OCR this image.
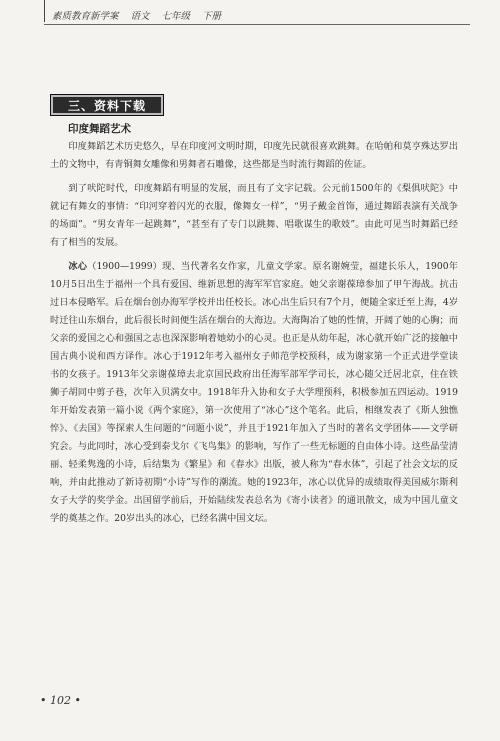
素质教育新学案 语文 七年级 下册
三、资料下载
印度舞蹈艺术

印度舞蹈艺术历史悠久，早在印度河文明时期，印度先民就很喜欢跳舞。在哈帕和莫亨殊达罗出土的文物中，有青铜舞女雕像和男舞者石雕像，这些都是当时流行舞蹈的佐证。

到了吠陀时代，印度舞蹈有明显的发展，而且有了文字记载。公元前1500年的《梨俱吠陀》中就记有舞女的事情：“印河穿着闪光的衣服，像舞女一样”，“男子戴金首饰，通过舞蹈表演有关战争的场面”。“男女青年一起跳舞”，“甚至有了专门以跳舞、唱歌谋生的歌妓”。由此可见当时舞蹈已经有了相当的发展。

冰心（1900—1999）现、当代著名女作家，儿童文学家。原名谢婉莹，福建长乐人，1900年10月5日出生于福州一个具有爱国、维新思想的海军军官家庭。她父亲谢葆璋参加了甲午海战。抗击过日本侵略军。后在烟台创办海军学校并出任校长。冰心出生后只有7个月，便随全家迁至上海，4岁时迁往山东烟台，此后很长时间便生活在烟台的大海边。大海陶冶了她的性情，开阔了她的心胸；而父亲的爱国之心和强国之志也深深影响着她幼小的心灵。也正是从幼年起，冰心就开始广泛的接触中国古典小说和西方译作。冰心于1912年考入福州女子师范学校预科，成为谢家第一个正式进学堂读书的女孩子。1913年父亲谢葆璋去北京国民政府出任海军部军学司长，冰心随父迁居北京，住在铁狮子胡同中剪子巷，次年入贝满女中。1918年升入协和女子大学理预科，积极参加五四运动。1919年开始发表第一篇小说《两个家庭》，第一次使用了“冰心”这个笔名。此后，相继发表了《斯人独憔悴》、《去国》等探索人生问题的“问题小说”，并且于1921年加入了当时的著名文学团体——文学研究会。与此同时，冰心受到泰戈尔《飞鸟集》的影响，写作了一些无标题的自由体小诗。这些晶莹清丽、轻柔隽逸的小诗，后结集为《繁星》和《春水》出版，被人称为“春水体”，引起了社会文坛的反响，并由此推动了新诗初期“小诗”写作的潮流。她的1923年，冰心以优异的成绩取得美国威尔斯利女子大学的奖学金。出国留学前后，开始陆续发表总名为《寄小读者》的通讯散文，成为中国儿童文学的奠基之作。20岁出头的冰心，已经名满中国文坛。

• 102 •
